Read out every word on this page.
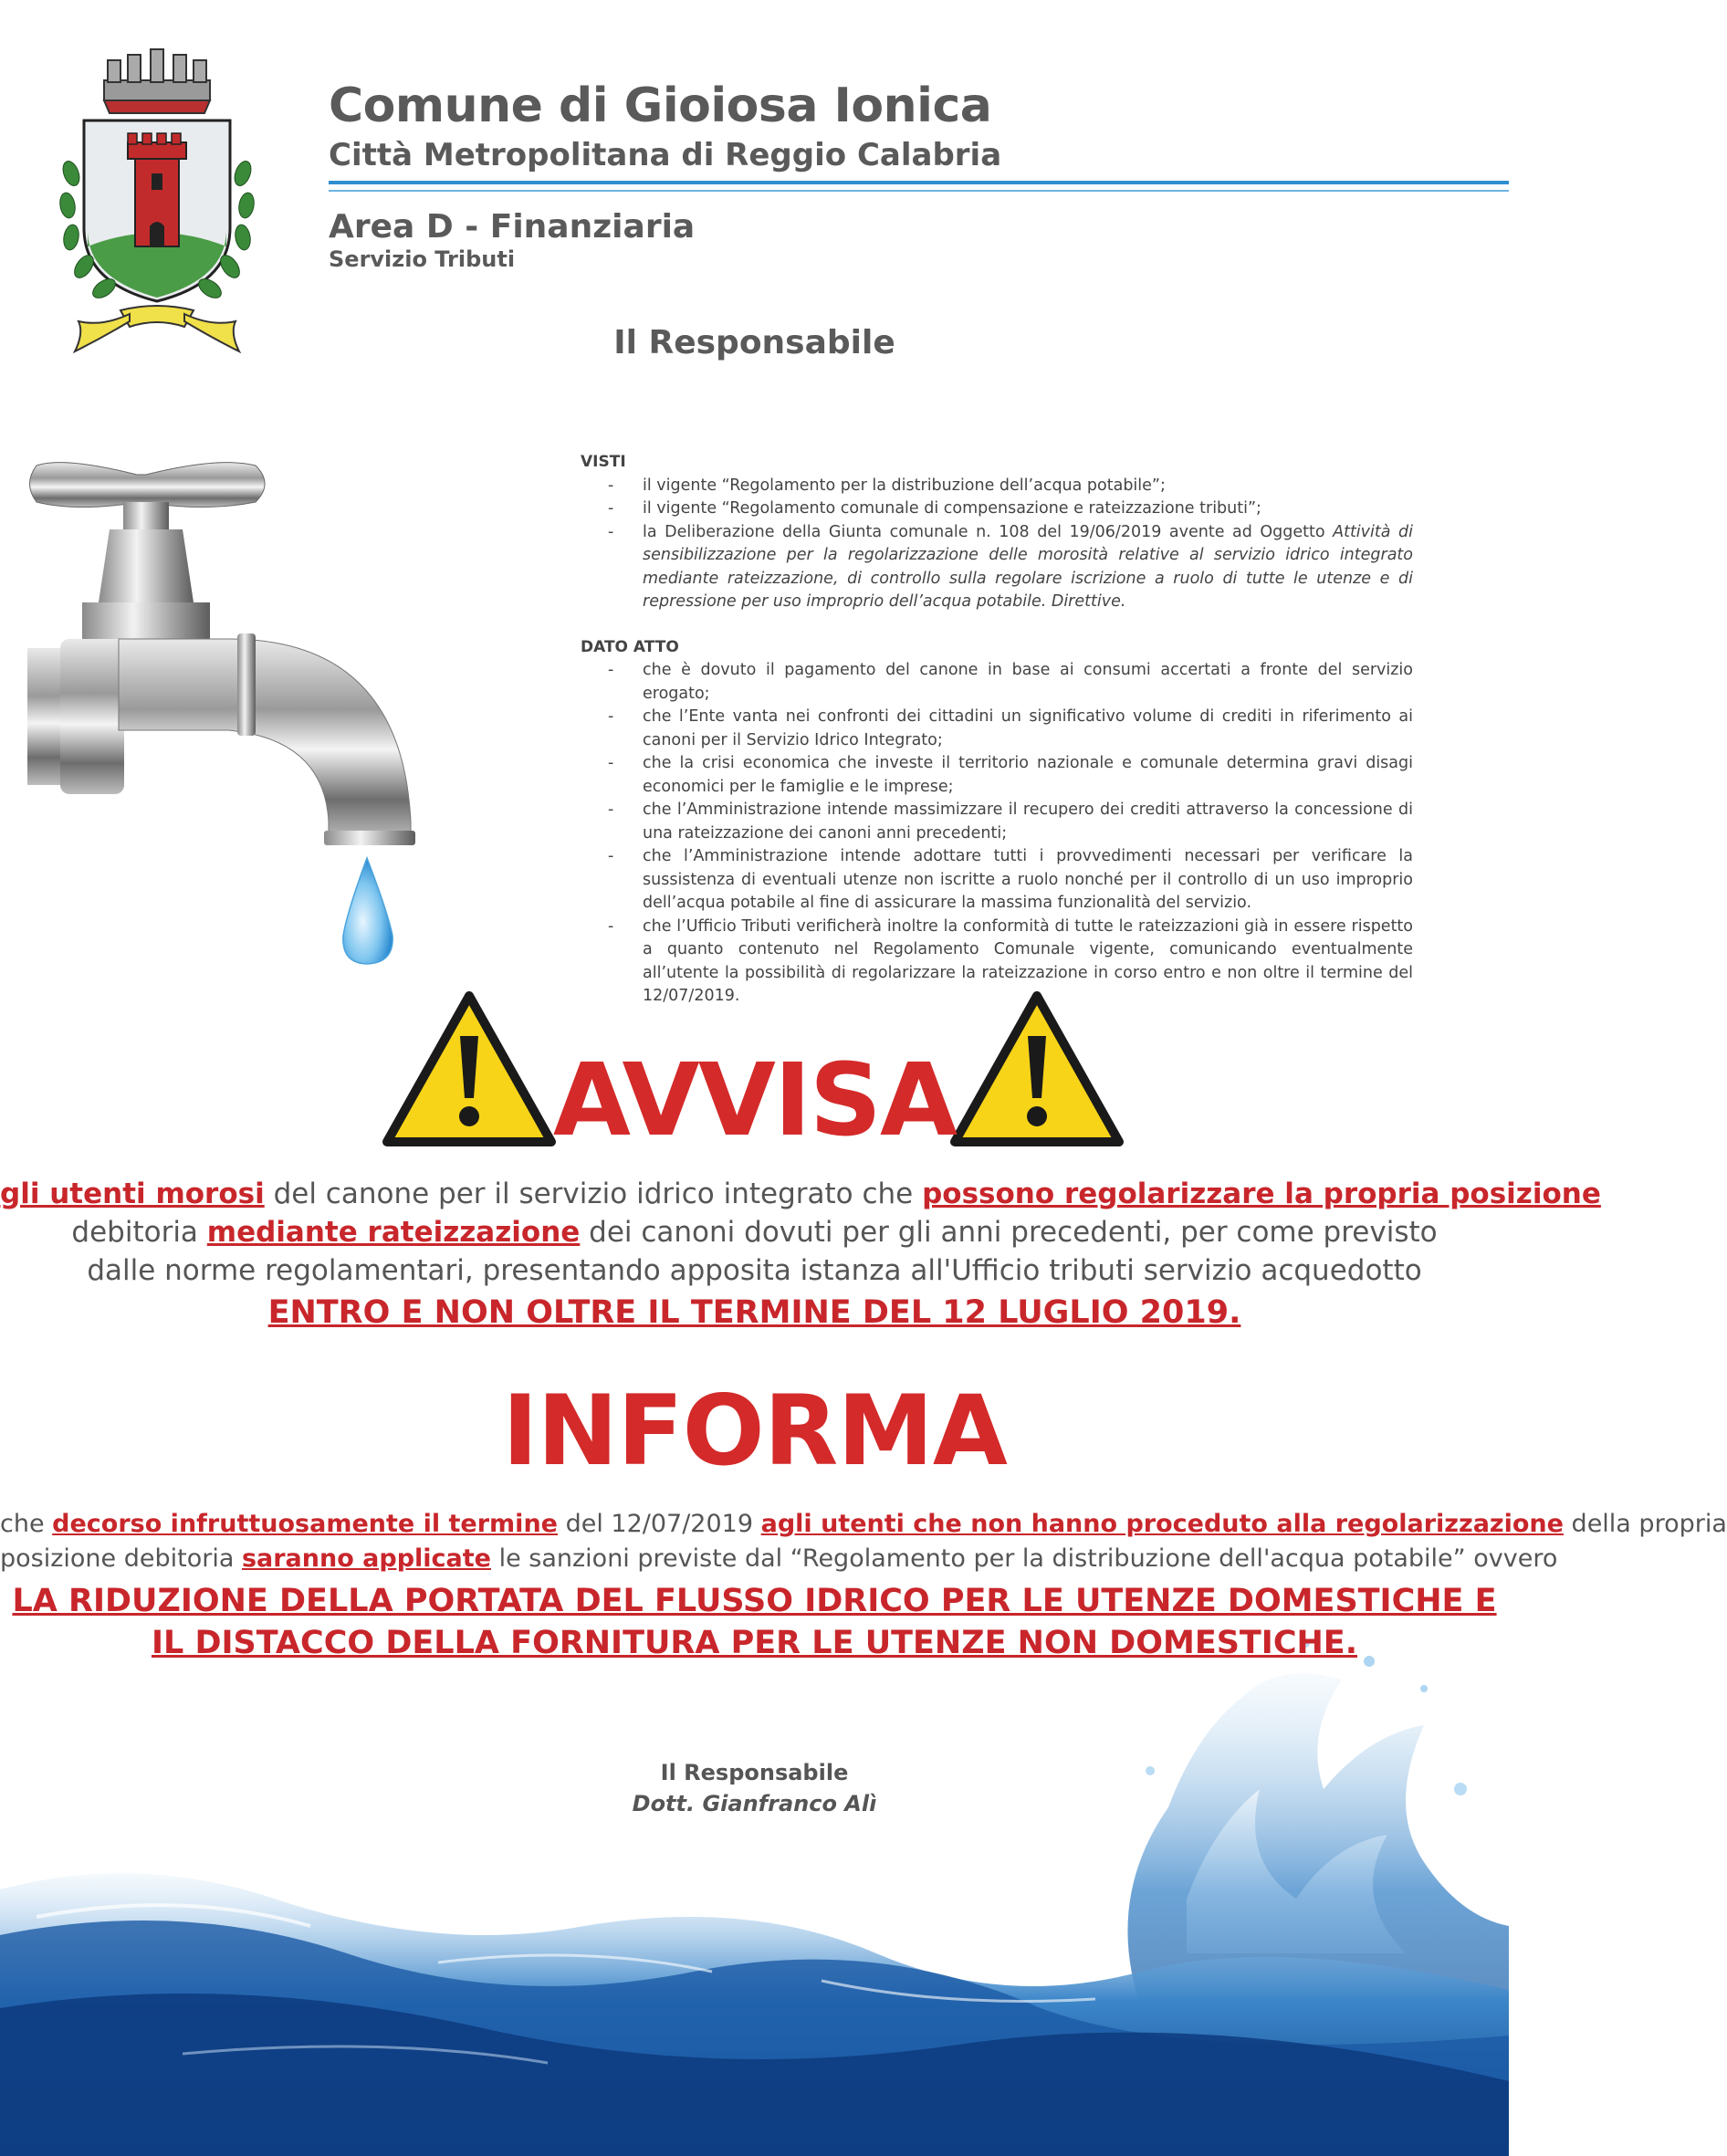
Comune di Gioiosa Ionica
Città Metropolitana di Reggio Calabria
Area D - Finanziaria
Servizio Tributi
Il Responsabile
VISTI
-	il vigente “Regolamento per la distribuzione dell’acqua potabile”;
-	il vigente “Regolamento comunale di compensazione e rateizzazione tributi”;
-	la Deliberazione della Giunta comunale n. 108 del 19/06/2019 avente ad Oggetto Attività di sensibilizzazione per la regolarizzazione delle morosità relative al servizio idrico integrato mediante rateizzazione, di controllo sulla regolare iscrizione a ruolo di tutte le utenze e di repressione per uso improprio dell’acqua potabile. Direttive.
DATO ATTO
-	che è dovuto il pagamento del canone in base ai consumi accertati a fronte del servizio erogato;
-	che l’Ente vanta nei confronti dei cittadini un significativo volume di crediti in riferimento ai canoni per il Servizio Idrico Integrato;
-	che la crisi economica che investe il territorio nazionale e comunale determina gravi disagi economici per le famiglie e le imprese;
-	che l’Amministrazione intende massimizzare il recupero dei crediti attraverso la concessione di una rateizzazione dei canoni anni precedenti;
-	che l’Amministrazione intende adottare tutti i provvedimenti necessari per verificare la sussistenza di eventuali utenze non iscritte a ruolo nonché per il controllo di un uso improprio dell’acqua potabile al fine di assicurare la massima funzionalità del servizio.
-	che l’Ufficio Tributi verificherà inoltre la conformità di tutte le rateizzazioni già in essere rispetto a quanto contenuto nel Regolamento Comunale vigente, comunicando eventualmente all’utente la possibilità di regolarizzare la rateizzazione in corso entro e non oltre il termine del 12/07/2019.
AVVISA
gli utenti morosi del canone per il servizio idrico integrato che possono regolarizzare la propria posizione
debitoria mediante rateizzazione dei canoni dovuti per gli anni precedenti, per come previsto
dalle norme regolamentari, presentando apposita istanza all'Ufficio tributi servizio acquedotto
ENTRO E NON OLTRE IL TERMINE DEL 12 LUGLIO 2019.
INFORMA
che decorso infruttuosamente il termine del 12/07/2019 agli utenti che non hanno proceduto alla regolarizzazione della propria
posizione debitoria saranno applicate le sanzioni previste dal “Regolamento per la distribuzione dell'acqua potabile” ovvero
LA RIDUZIONE DELLA PORTATA DEL FLUSSO IDRICO PER LE UTENZE DOMESTICHE E
IL DISTACCO DELLA FORNITURA PER LE UTENZE NON DOMESTICHE.
Il Responsabile
Dott. Gianfranco Alì
